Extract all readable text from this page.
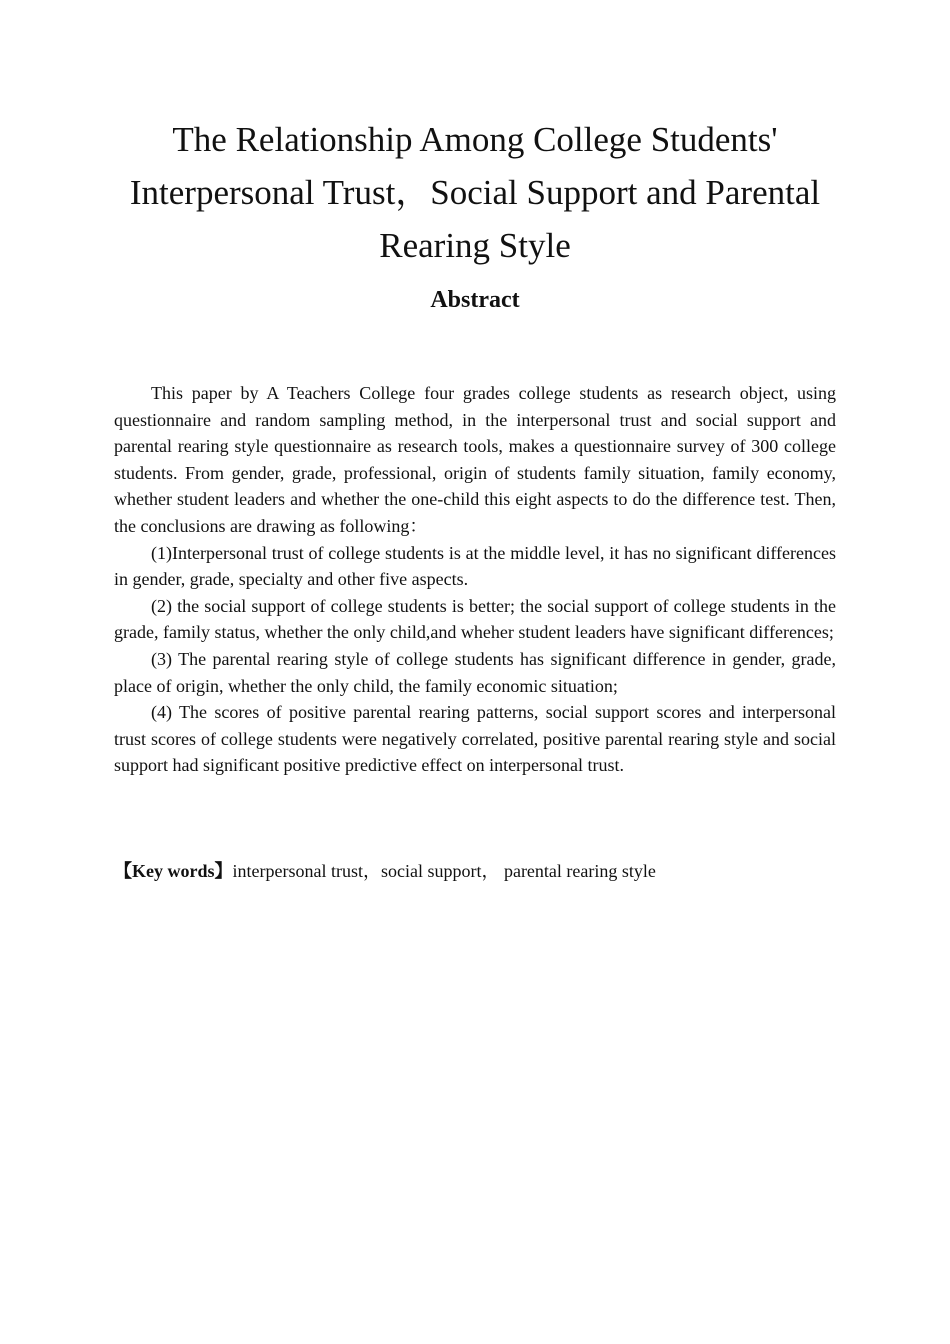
The Relationship Among College Students'
Interpersonal Trust，Social Support and Parental
Rearing Style
Abstract

This paper by A Teachers College four grades college students as research object, using questionnaire and random sampling method, in the interpersonal trust and social support and parental rearing style questionnaire as research tools, makes a questionnaire survey of 300 college students. From gender, grade, professional, origin of students family situation, family economy, whether student leaders and whether the one-child this eight aspects to do the difference test. Then, the conclusions are drawing as following：

(1)Interpersonal trust of college students is at the middle level, it has no significant differences in gender, grade, specialty and other five aspects.

(2) the social support of college students is better; the social support of college students in the grade, family status, whether the only child,and wheher student leaders have significant differences;

(3) The parental rearing style of college students has significant difference in gender, grade, place of origin, whether the only child, the family economic situation;

(4) The scores of positive parental rearing patterns, social support scores and interpersonal trust scores of college students were negatively correlated, positive parental rearing style and social support had significant positive predictive effect on interpersonal trust.

【Key words】interpersonal trust，social support， parental rearing style
